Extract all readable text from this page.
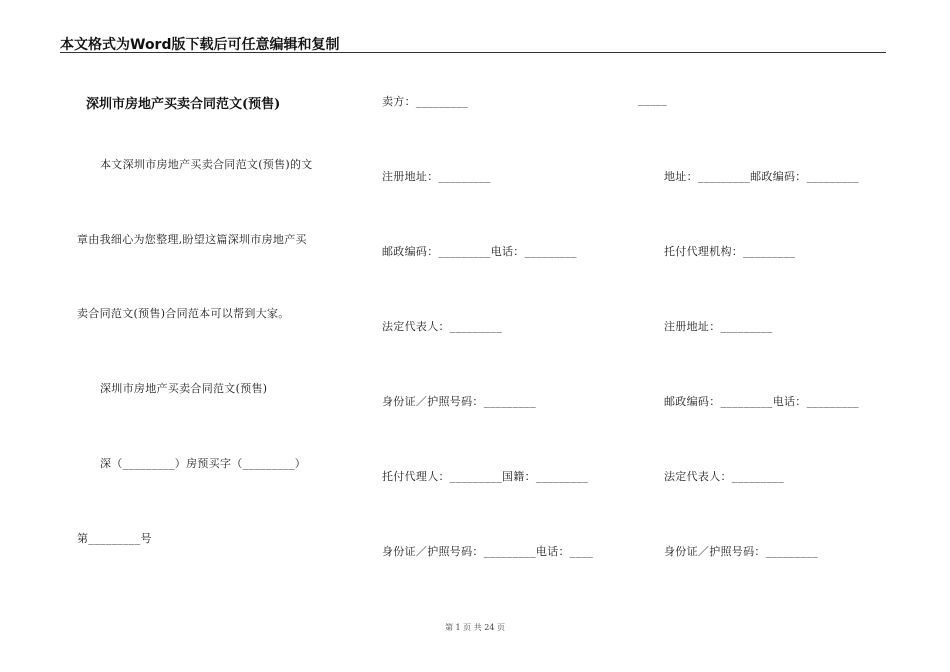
本文格式为Word版下载后可任意编辑和复制
深圳市房地产买卖合同范文(预售)
本文深圳市房地产买卖合同范文(预售)的文
章由我细心为您整理,盼望这篇深圳市房地产买
卖合同范文(预售)合同范本可以帮到大家。
深圳市房地产买卖合同范文(预售)
深（_________）房预买字（_________）
第_________号
卖方：_________
注册地址：_________
邮政编码：_________电话：_________
法定代表人：_________
身份证／护照号码：_________
托付代理人：_________国籍：_________
身份证／护照号码：_________电话：____
_____
地址：_________邮政编码：_________
托付代理机构：_________
注册地址：_________
邮政编码：_________电话：_________
法定代表人：_________
身份证／护照号码：_________
第 1 页 共 24 页
